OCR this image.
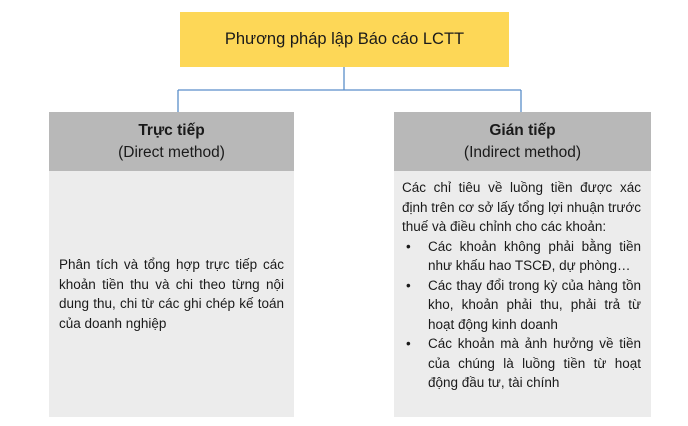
Phương pháp lập Báo cáo LCTT
Trực tiếp
(Direct method)

Phân tích và tổng hợp trực tiếp các khoản tiền thu và chi theo từng nội dung thu, chi từ các ghi chép kế toán của doanh nghiệp

Gián tiếp
(Indirect method)

Các chỉ tiêu về luồng tiền được xác định trên cơ sở lấy tổng lợi nhuận trước thuế và điều chỉnh cho các khoản:

• Các khoản không phải bằng tiền như khấu hao TSCĐ, dự phòng…
• Các thay đổi trong kỳ của hàng tồn kho, khoản phải thu, phải trả từ hoạt động kinh doanh
• Các khoản mà ảnh hưởng về tiền của chúng là luồng tiền từ hoạt động đầu tư, tài chính
